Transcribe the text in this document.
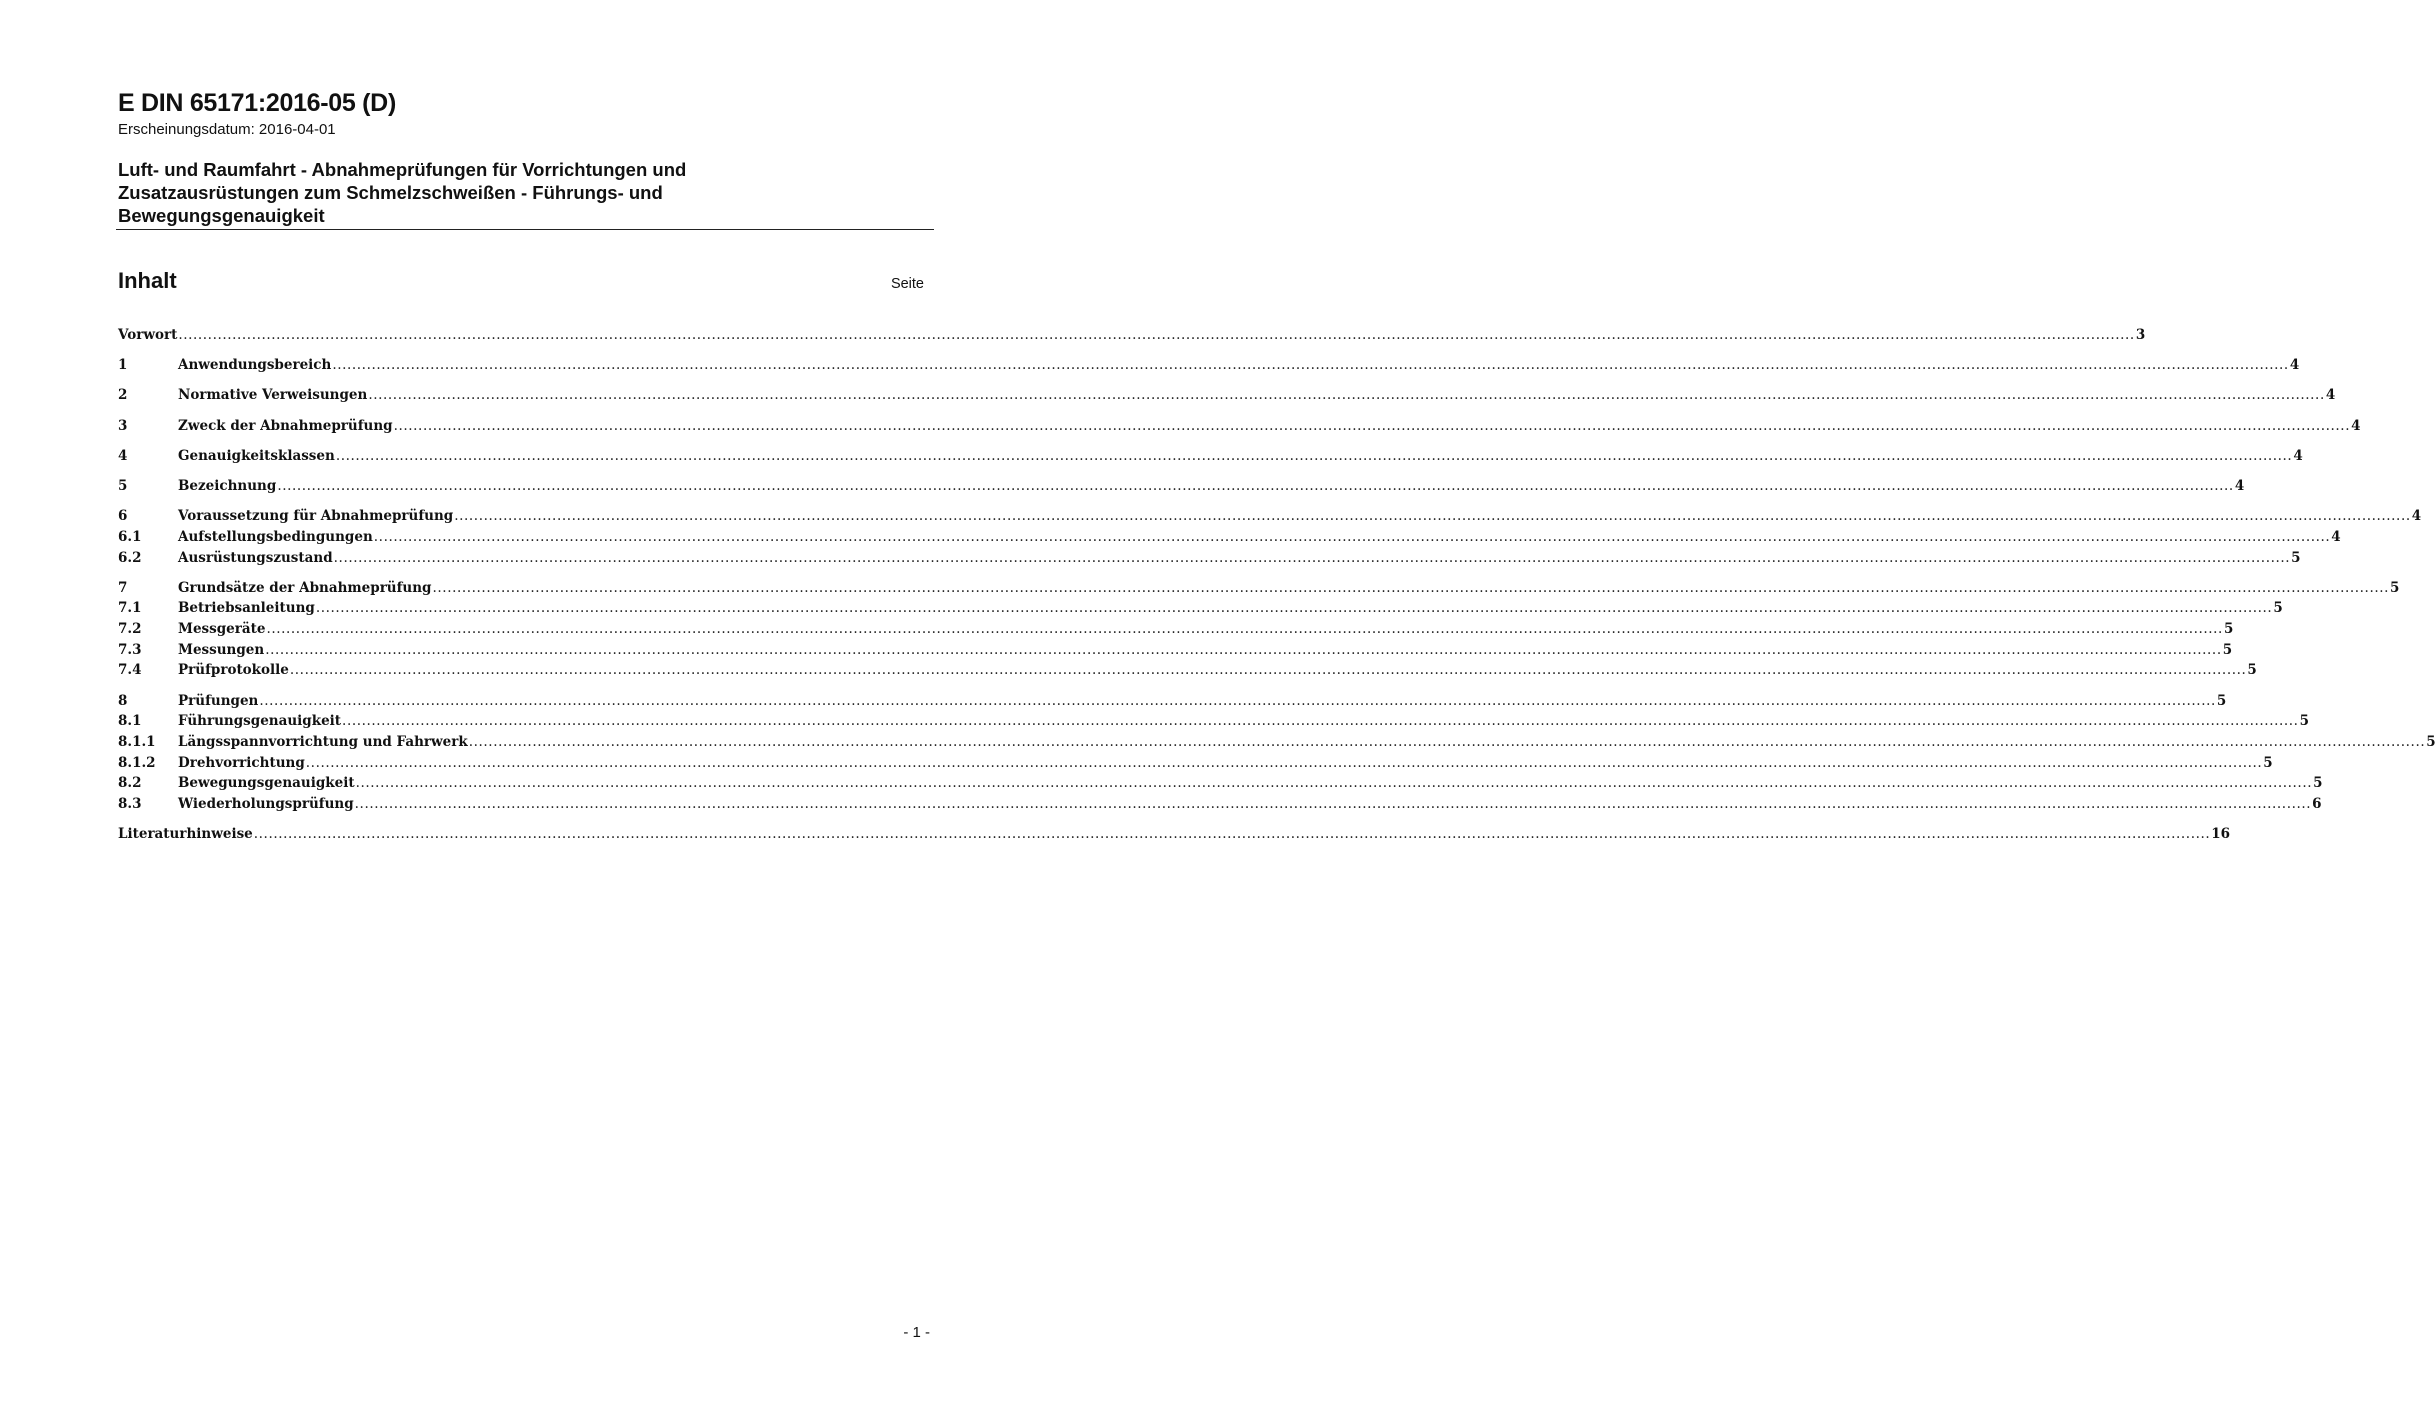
E DIN 65171:2016-05 (D)

Erscheinungsdatum: 2016-04-01

Luft- und Raumfahrt - Abnahmeprüfungen für Vorrichtungen und
Zusatzausrüstungen zum Schmelzschweißen - Führungs- und
Bewegungsgenauigkeit
Inhalt	Seite
Vorwort ................................................................................................................................................................................................................................................................................................................................................................................................................ 3
1	Anwendungsbereich ................................................................................................................................................................................................................................................................................................................................................................................................................ 4
2	Normative Verweisungen ................................................................................................................................................................................................................................................................................................................................................................................................................ 4
3	Zweck der Abnahmeprüfung ................................................................................................................................................................................................................................................................................................................................................................................................................ 4
4	Genauigkeitsklassen ................................................................................................................................................................................................................................................................................................................................................................................................................ 4
5	Bezeichnung ................................................................................................................................................................................................................................................................................................................................................................................................................ 4
6	Voraussetzung für Abnahmeprüfung ................................................................................................................................................................................................................................................................................................................................................................................................................ 4
6.1	Aufstellungsbedingungen ................................................................................................................................................................................................................................................................................................................................................................................................................ 4
6.2	Ausrüstungszustand ................................................................................................................................................................................................................................................................................................................................................................................................................ 5
7	Grundsätze der Abnahmeprüfung ................................................................................................................................................................................................................................................................................................................................................................................................................ 5
7.1	Betriebsanleitung ................................................................................................................................................................................................................................................................................................................................................................................................................ 5
7.2	Messgeräte ................................................................................................................................................................................................................................................................................................................................................................................................................ 5
7.3	Messungen ................................................................................................................................................................................................................................................................................................................................................................................................................ 5
7.4	Prüfprotokolle ................................................................................................................................................................................................................................................................................................................................................................................................................ 5
8	Prüfungen ................................................................................................................................................................................................................................................................................................................................................................................................................ 5
8.1	Führungsgenauigkeit ................................................................................................................................................................................................................................................................................................................................................................................................................ 5
8.1.1	Längsspannvorrichtung und Fahrwerk ................................................................................................................................................................................................................................................................................................................................................................................................................ 5
8.1.2	Drehvorrichtung ................................................................................................................................................................................................................................................................................................................................................................................................................ 5
8.2	Bewegungsgenauigkeit ................................................................................................................................................................................................................................................................................................................................................................................................................ 5
8.3	Wiederholungsprüfung ................................................................................................................................................................................................................................................................................................................................................................................................................ 6
Literaturhinweise ................................................................................................................................................................................................................................................................................................................................................................................................................ 16
- 1 -
